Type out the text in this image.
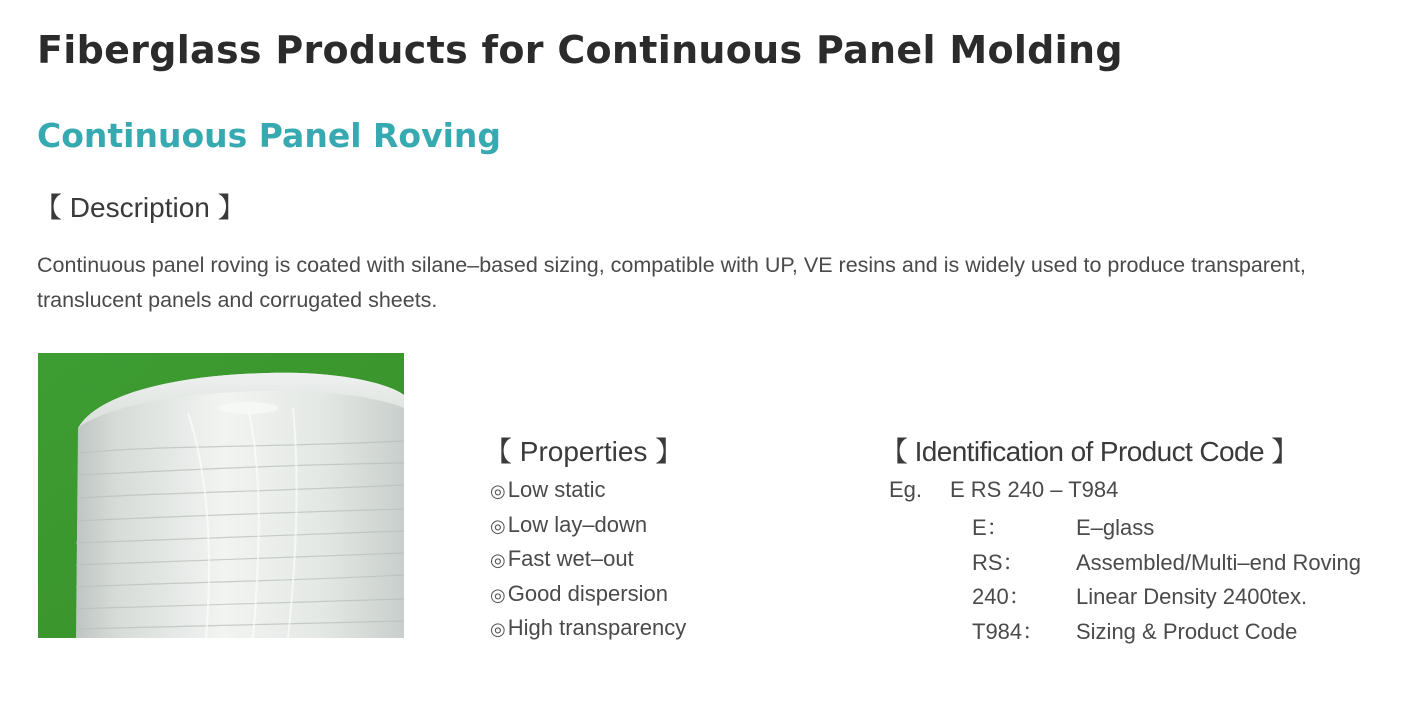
Fiberglass Products for Continuous Panel Molding
Continuous Panel Roving
【 Description 】

Continuous panel roving is coated with silane–based sizing, compatible with UP, VE resins and is widely used to produce transparent, translucent panels and corrugated sheets.

【 Properties 】
◎Low static
◎Low lay–down
◎Fast wet–out
◎Good dispersion
◎High transparency
【 Identification of Product Code 】
Eg. E RS 240 – T984
E：	E–glass
RS： Assembled/Multi–end Roving
240： Linear Density 2400tex.
T984： Sizing & Product Code
